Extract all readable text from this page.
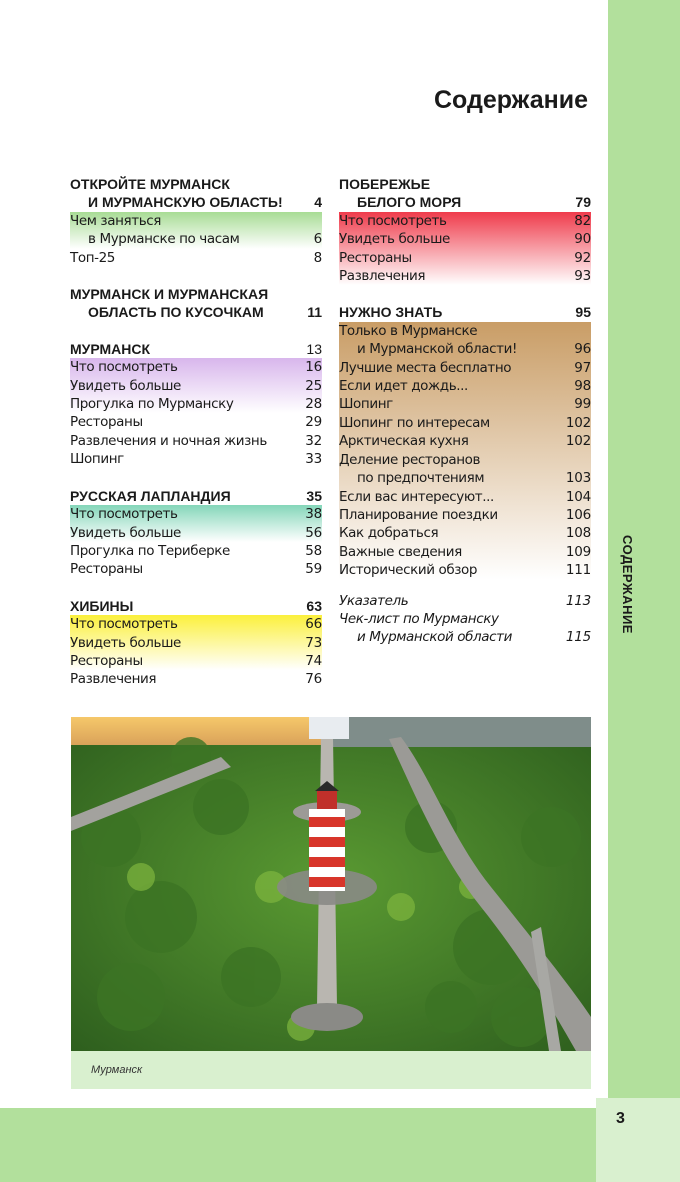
3
СОДЕРЖАНИЕ
Содержание
ОТКРОЙТЕ МУРМАНСК
И МУРМАНСКУЮ ОБЛАСТЬ! 4
Чем заняться
в Мурманске по часам	6
Топ-25	8
МУРМАНСК И МУРМАНСКАЯ
ОБЛАСТЬ ПО КУСОЧКАМ	11
МУРМАНСК	13
Что посмотреть	16
Увидеть больше	25
Прогулка по Мурманску	28
Рестораны	29
Развлечения и ночная жизнь	32
Шопинг	33
РУССКАЯ ЛАПЛАНДИЯ	35
Что посмотреть	38
Увидеть больше	56
Прогулка по Териберке	58
Рестораны	59
ХИБИНЫ	63
Что посмотреть	66
Увидеть больше	73
Рестораны	74
Развлечения	76
ПОБЕРЕЖЬЕ
БЕЛОГО МОРЯ	79
Что посмотреть	82
Увидеть больше	90
Рестораны	92
Развлечения	93
НУЖНО ЗНАТЬ	95
Только в Мурманске
и Мурманской области!	96
Лучшие места бесплатно	97
Если идет дождь...	98
Шопинг	99
Шопинг по интересам	102
Арктическая кухня	102
Деление ресторанов
по предпочтениям	103
Если вас интересуют...	104
Планирование поездки	106
Как добраться	108
Важные сведения	109
Исторический обзор	111
Указатель	113
Чек-лист по Мурманску
и Мурманской области	115
Мурманск
